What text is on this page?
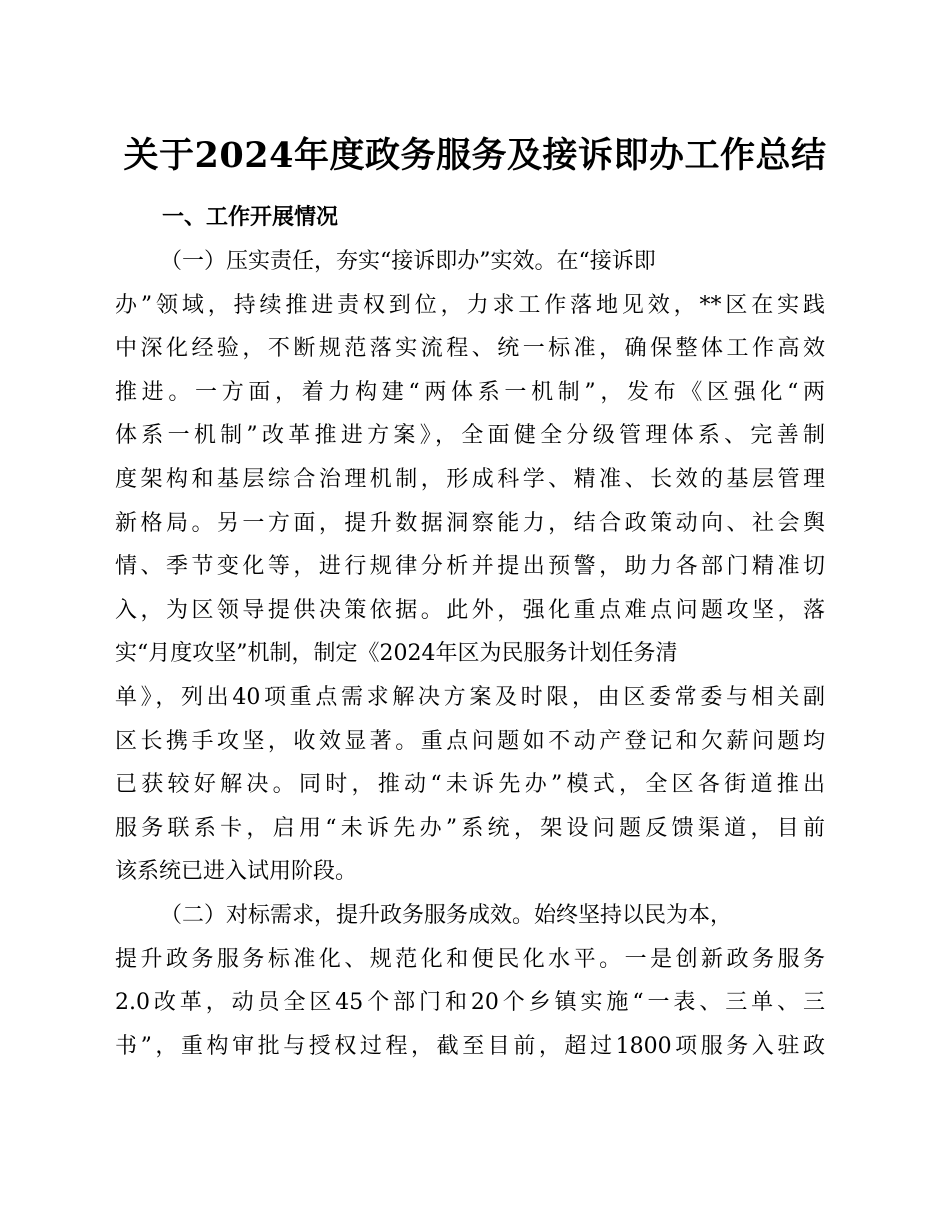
关于2024年度政务服务及接诉即办工作总结
一、工作开展情况
（一）压实责任，夯实“接诉即办”实效。在“接诉即
办”领域，持续推进责权到位，力求工作落地见效，**区在实践
中深化经验，不断规范落实流程、统一标准，确保整体工作高效
推进。一方面，着力构建“两体系一机制”，发布《区强化“两
体系一机制”改革推进方案》，全面健全分级管理体系、完善制
度架构和基层综合治理机制，形成科学、精准、长效的基层管理
新格局。另一方面，提升数据洞察能力，结合政策动向、社会舆
情、季节变化等，进行规律分析并提出预警，助力各部门精准切
入，为区领导提供决策依据。此外，强化重点难点问题攻坚，落
实“月度攻坚”机制，制定《2024年区为民服务计划任务清
单》，列出40项重点需求解决方案及时限，由区委常委与相关副
区长携手攻坚，收效显著。重点问题如不动产登记和欠薪问题均
已获较好解决。同时，推动“未诉先办”模式，全区各街道推出
服务联系卡，启用“未诉先办”系统，架设问题反馈渠道，目前
该系统已进入试用阶段。
（二）对标需求，提升政务服务成效。始终坚持以民为本，
提升政务服务标准化、规范化和便民化水平。一是创新政务服务
2.0改革，动员全区45个部门和20个乡镇实施“一表、三单、三
书”，重构审批与授权过程，截至目前，超过1800项服务入驻政
